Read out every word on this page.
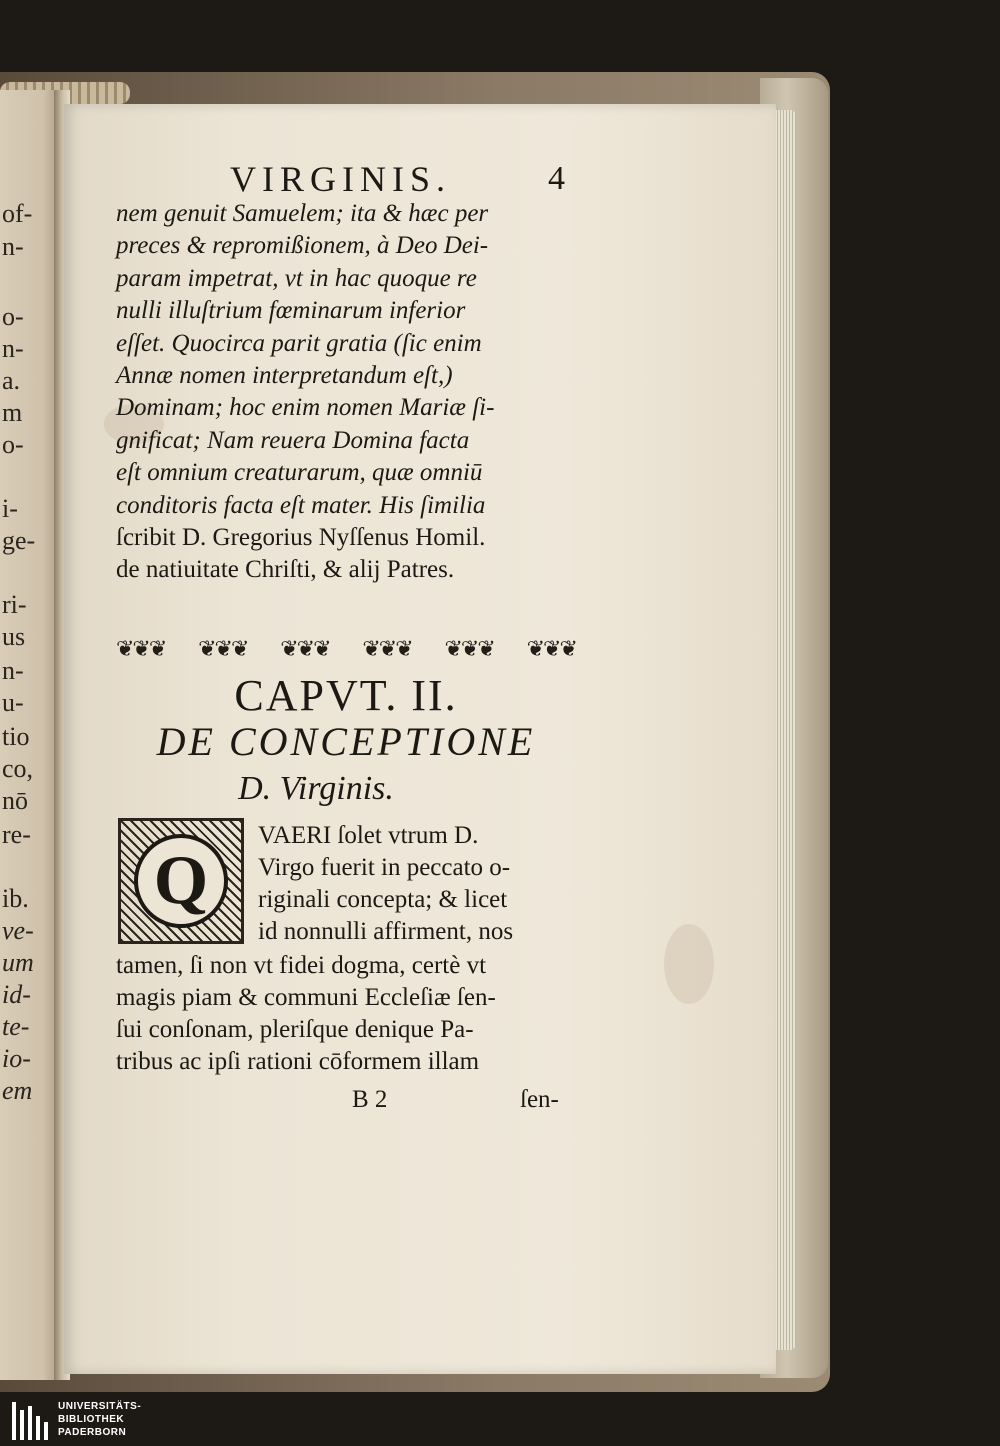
of-
n-
o-
n-
a.
m
o-
i-
ge-
ri-
us
n-
u-
tio
co,
nō
re-
ib.
ve-
um
id-
te-
io-
em
VIRGINIS.	4
nem genuit Samuelem; ita & hæc per
preces & repromißionem, à Deo Dei-
param impetrat, vt in hac quoque re
nulli illuſtrium fœminarum inferior
eſſet. Quocirca parit gratia (ſic enim
Annæ nomen interpretandum eſt,)
Dominam; hoc enim nomen Mariæ ſi-
gnificat; Nam reuera Domina facta
eſt omnium creaturarum, quæ omniū
conditoris facta eſt mater. His ſimilia
ſcribit D. Gregorius Nyſſenus Homil.
de natiuitate Chriſti, & alij Patres.
❦❦❦ ❦❦❦ ❦❦❦ ❦❦❦ ❦❦❦ ❦❦❦
CAPVT. II.
DE CONCEPTIONE
D. Virginis.
Q
VAERI ſolet vtrum D.
Virgo fuerit in peccato o-
riginali concepta; & licet
id nonnulli affirment, nos
tamen, ſi non vt fidei dogma, certè vt
magis piam & communi Eccleſiæ ſen-
ſui conſonam, pleriſque denique Pa-
tribus ac ipſi rationi cōformem illam
B 2	ſen-
UNIVERSITÄTS-
BIBLIOTHEK
PADERBORN
